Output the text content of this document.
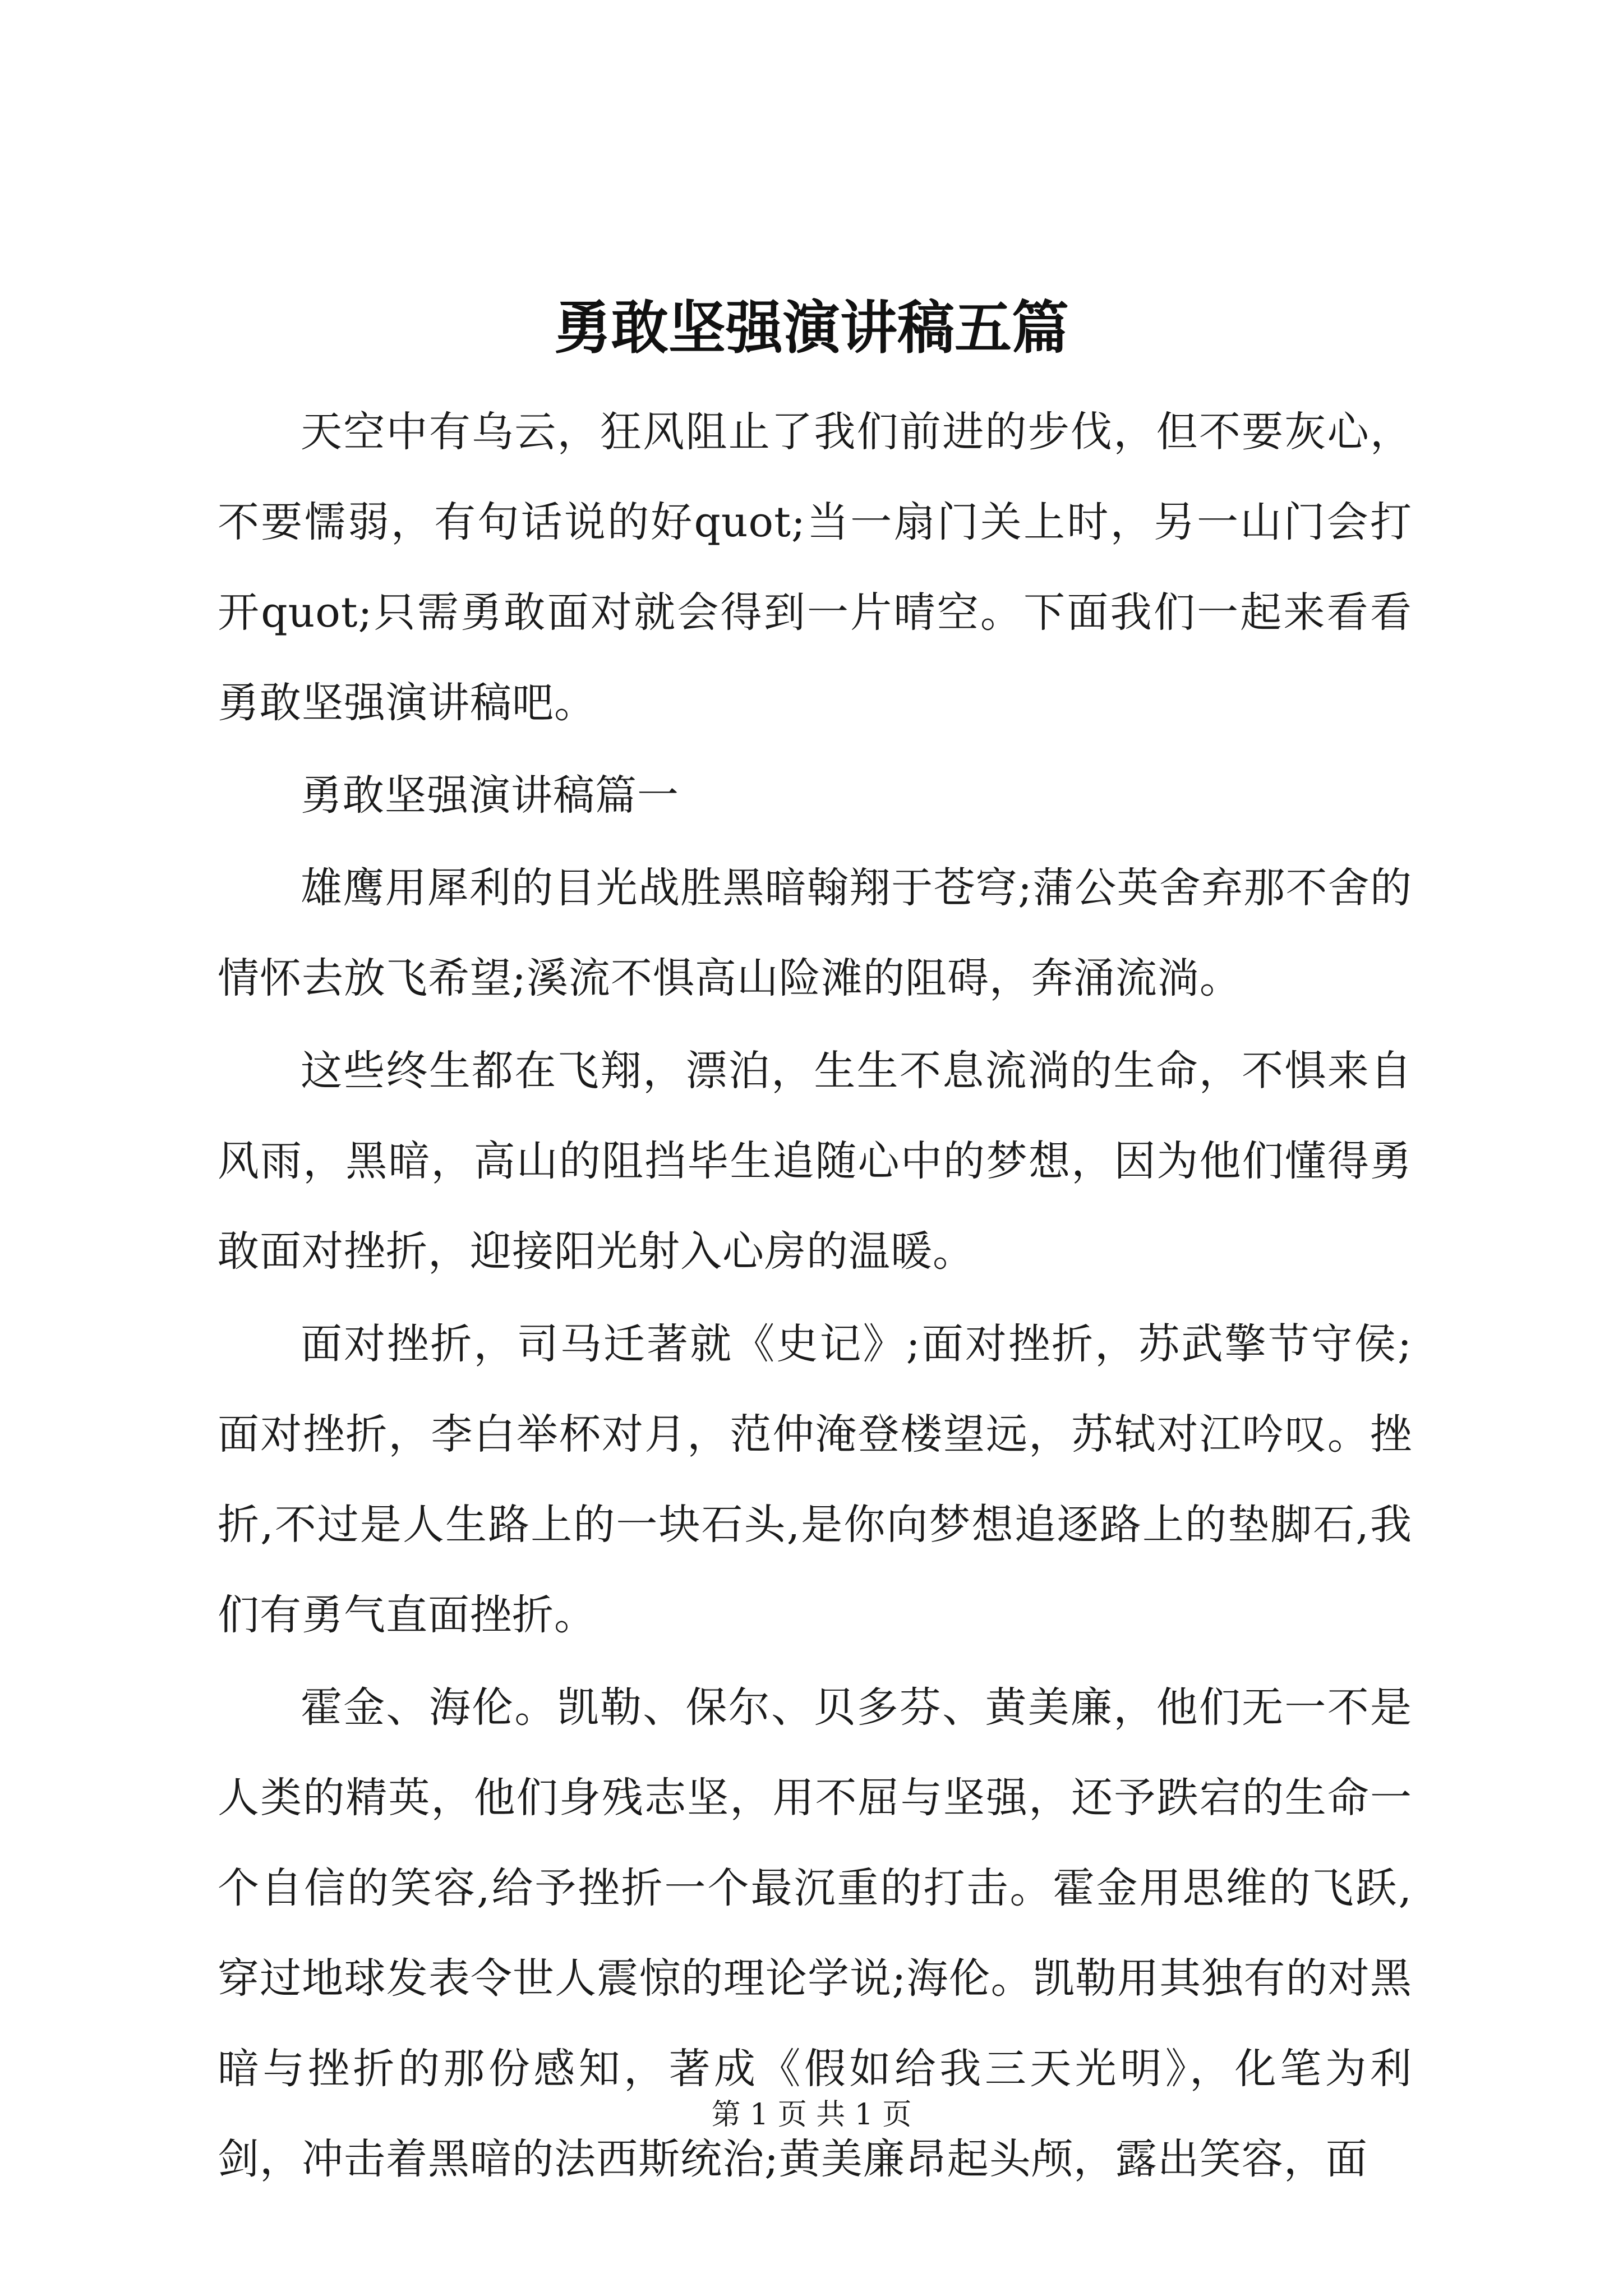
勇敢坚强演讲稿五篇

天空中有乌云，狂风阻止了我们前进的步伐，但不要灰心，不要懦弱，有句话说的好quot;当一扇门关上时，另一山门会打开quot;只需勇敢面对就会得到一片晴空。下面我们一起来看看勇敢坚强演讲稿吧。

勇敢坚强演讲稿篇一

雄鹰用犀利的目光战胜黑暗翰翔于苍穹;蒲公英舍弃那不舍的情怀去放飞希望;溪流不惧高山险滩的阻碍，奔涌流淌。

这些终生都在飞翔，漂泊，生生不息流淌的生命，不惧来自风雨，黑暗，高山的阻挡毕生追随心中的梦想，因为他们懂得勇敢面对挫折，迎接阳光射入心房的温暖。

面对挫折，司马迁著就《史记》;面对挫折，苏武擎节守侯;面对挫折，李白举杯对月，范仲淹登楼望远，苏轼对江吟叹。挫折,不过是人生路上的一块石头,是你向梦想追逐路上的垫脚石,我们有勇气直面挫折。

霍金、海伦。凯勒、保尔、贝多芬、黄美廉，他们无一不是人类的精英，他们身残志坚，用不屈与坚强，还予跌宕的生命一个自信的笑容,给予挫折一个最沉重的打击。霍金用思维的飞跃,穿过地球发表令世人震惊的理论学说;海伦。凯勒用其独有的对黑暗与挫折的那份感知，著成《假如给我三天光明》，化笔为利剑，冲击着黑暗的法西斯统治;黄美廉昂起头颅，露出笑容，面

第 1 页 共 1 页
